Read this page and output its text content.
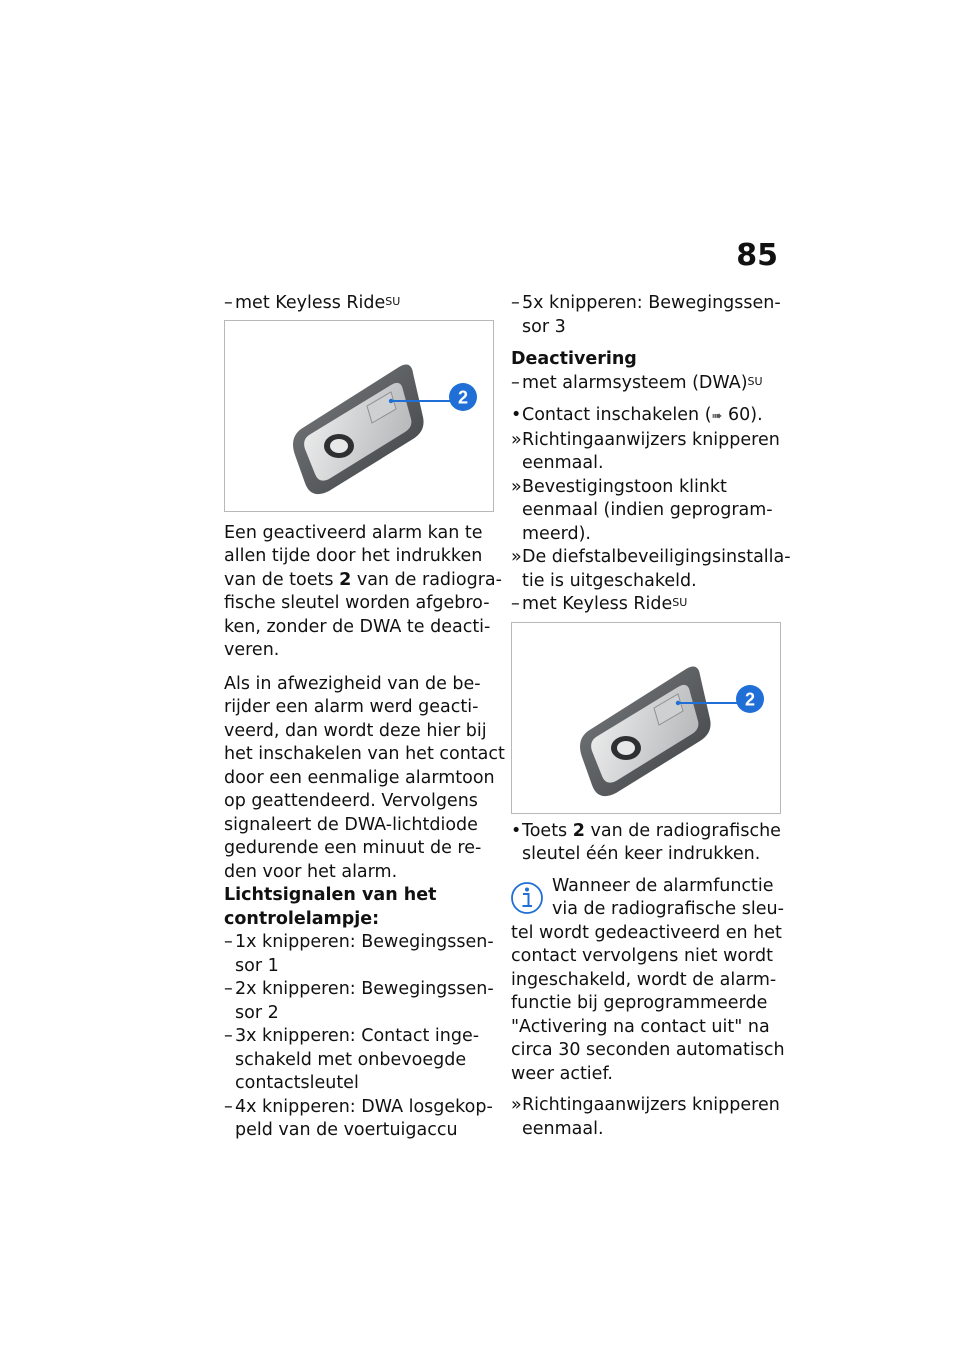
85
– met Keyless Ride$^{SU}$
2
Een geactiveerd alarm kan te
allen tijde door het indrukken
van de toets 2 van de radiogra-
fische sleutel worden afgebro-
ken, zonder de DWA te deacti-
veren.
Als in afwezigheid van de be-
rijder een alarm werd geacti-
veerd, dan wordt deze hier bij
het inschakelen van het contact
door een eenmalige alarmtoon
op geattendeerd. Vervolgens
signaleert de DWA-lichtdiode
gedurende een minuut de re-
den voor het alarm.
Lichtsignalen van het
controlelampje:
– 1x knipperen: Bewegingssen-
sor 1
– 2x knipperen: Bewegingssen-
sor 2
– 3x knipperen: Contact inge-
schakeld met onbevoegde
contactsleutel
– 4x knipperen: DWA losgekop-
peld van de voertuigaccu
– 5x knipperen: Bewegingssen-
sor 3
Deactivering
– met alarmsysteem (DWA)$^{SU}$
•Contact inschakelen (➠ 60).
»Richtingaanwijzers knipperen
eenmaal.
»Bevestigingstoon klinkt
eenmaal (indien geprogram-
meerd).
»De diefstalbeveiligingsinstalla-
tie is uitgeschakeld.
– met Keyless Ride$^{SU}$
2
•Toets 2 van de radiografische
sleutel één keer indrukken.
Wanneer de alarmfunctie
via de radiografische sleu-
tel wordt gedeactiveerd en het
contact vervolgens niet wordt
ingeschakeld, wordt de alarm-
functie bij geprogrammeerde
"Activering na contact uit" na
circa 30 seconden automatisch
weer actief.
»Richtingaanwijzers knipperen
eenmaal.
